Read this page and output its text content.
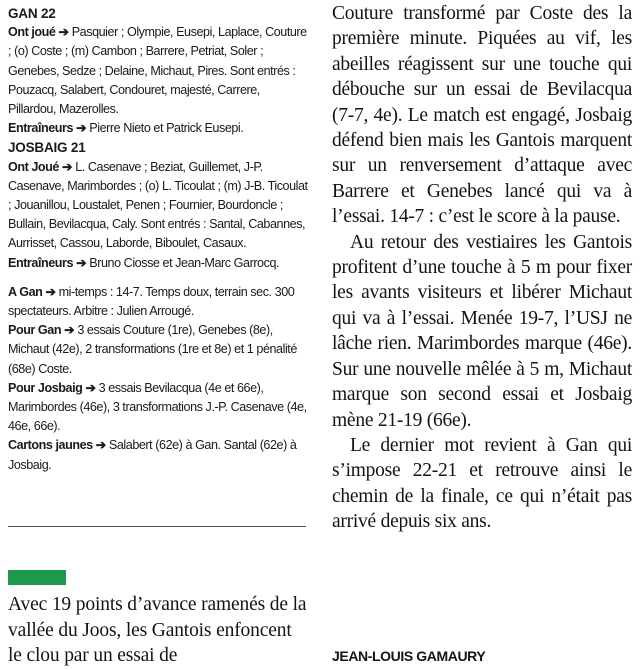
GAN 22

Ont joué ➔ Pasquier ; Olympie, Eusepi, Laplace, Couture ; (o) Coste ; (m) Cambon ; Barrere, Petriat, Soler ; Genebes, Sedze ; Delaine, Michaut, Pires. Sont entrés : Pouzacq, Salabert, Condouret, majesté, Carrere, Pillardou, Mazerolles.

Entraîneurs ➔ Pierre Nieto et Patrick Eusepi.

JOSBAIG 21

Ont Joué ➔ L. Casenave ; Beziat, Guillemet, J-P. Casenave, Marimbordes ; (o) L. Ticoulat ; (m) J-B. Ticoulat ; Jouanillou, Loustalet, Penen ; Fournier, Bourdoncle ; Bullain, Bevilacqua, Caly. Sont entrés : Santal, Cabannes, Aurrisset, Cassou, Laborde, Biboulet, Casaux.

Entraîneurs ➔ Bruno Ciosse et Jean-Marc Garrocq.

A Gan ➔ mi-temps : 14-7. Temps doux, terrain sec. 300 spectateurs. Arbitre : Julien Arrougé.

Pour Gan ➔ 3 essais Couture (1re), Genebes (8e), Michaut (42e), 2 transformations (1re et 8e) et 1 pénalité (68e) Coste.

Pour Josbaig ➔ 3 essais Bevilacqua (4e et 66e), Marimbordes (46e), 3 transformations J.-P. Casenave (4e, 46e, 66e).

Cartons jaunes ➔ Salabert (62e) à Gan. Santal (62e) à Josbaig.

Avec 19 points d’avance ramenés de la vallée du Joos, les Gantois enfoncent le clou par un essai de

Couture transformé par Coste des la première minute. Piquées au vif, les abeilles réagissent sur une touche qui débouche sur un essai de Bevilacqua (7-7, 4e). Le match est engagé, Josbaig défend bien mais les Gantois marquent sur un renversement d’attaque avec Barrere et Genebes lancé qui va à l’essai. 14-7 : c’est le score à la pause.

Au retour des vestiaires les Gantois profitent d’une touche à 5 m pour fixer les avants visiteurs et libérer Michaut qui va à l’essai. Menée 19-7, l’USJ ne lâche rien. Marimbordes marque (46e). Sur une nouvelle mêlée à 5 m, Michaut marque son second essai et Josbaig mène 21-19 (66e).

Le dernier mot revient à Gan qui s’impose 22-21 et retrouve ainsi le chemin de la finale, ce qui n’était pas arrivé depuis six ans.

JEAN-LOUIS GAMAURY
